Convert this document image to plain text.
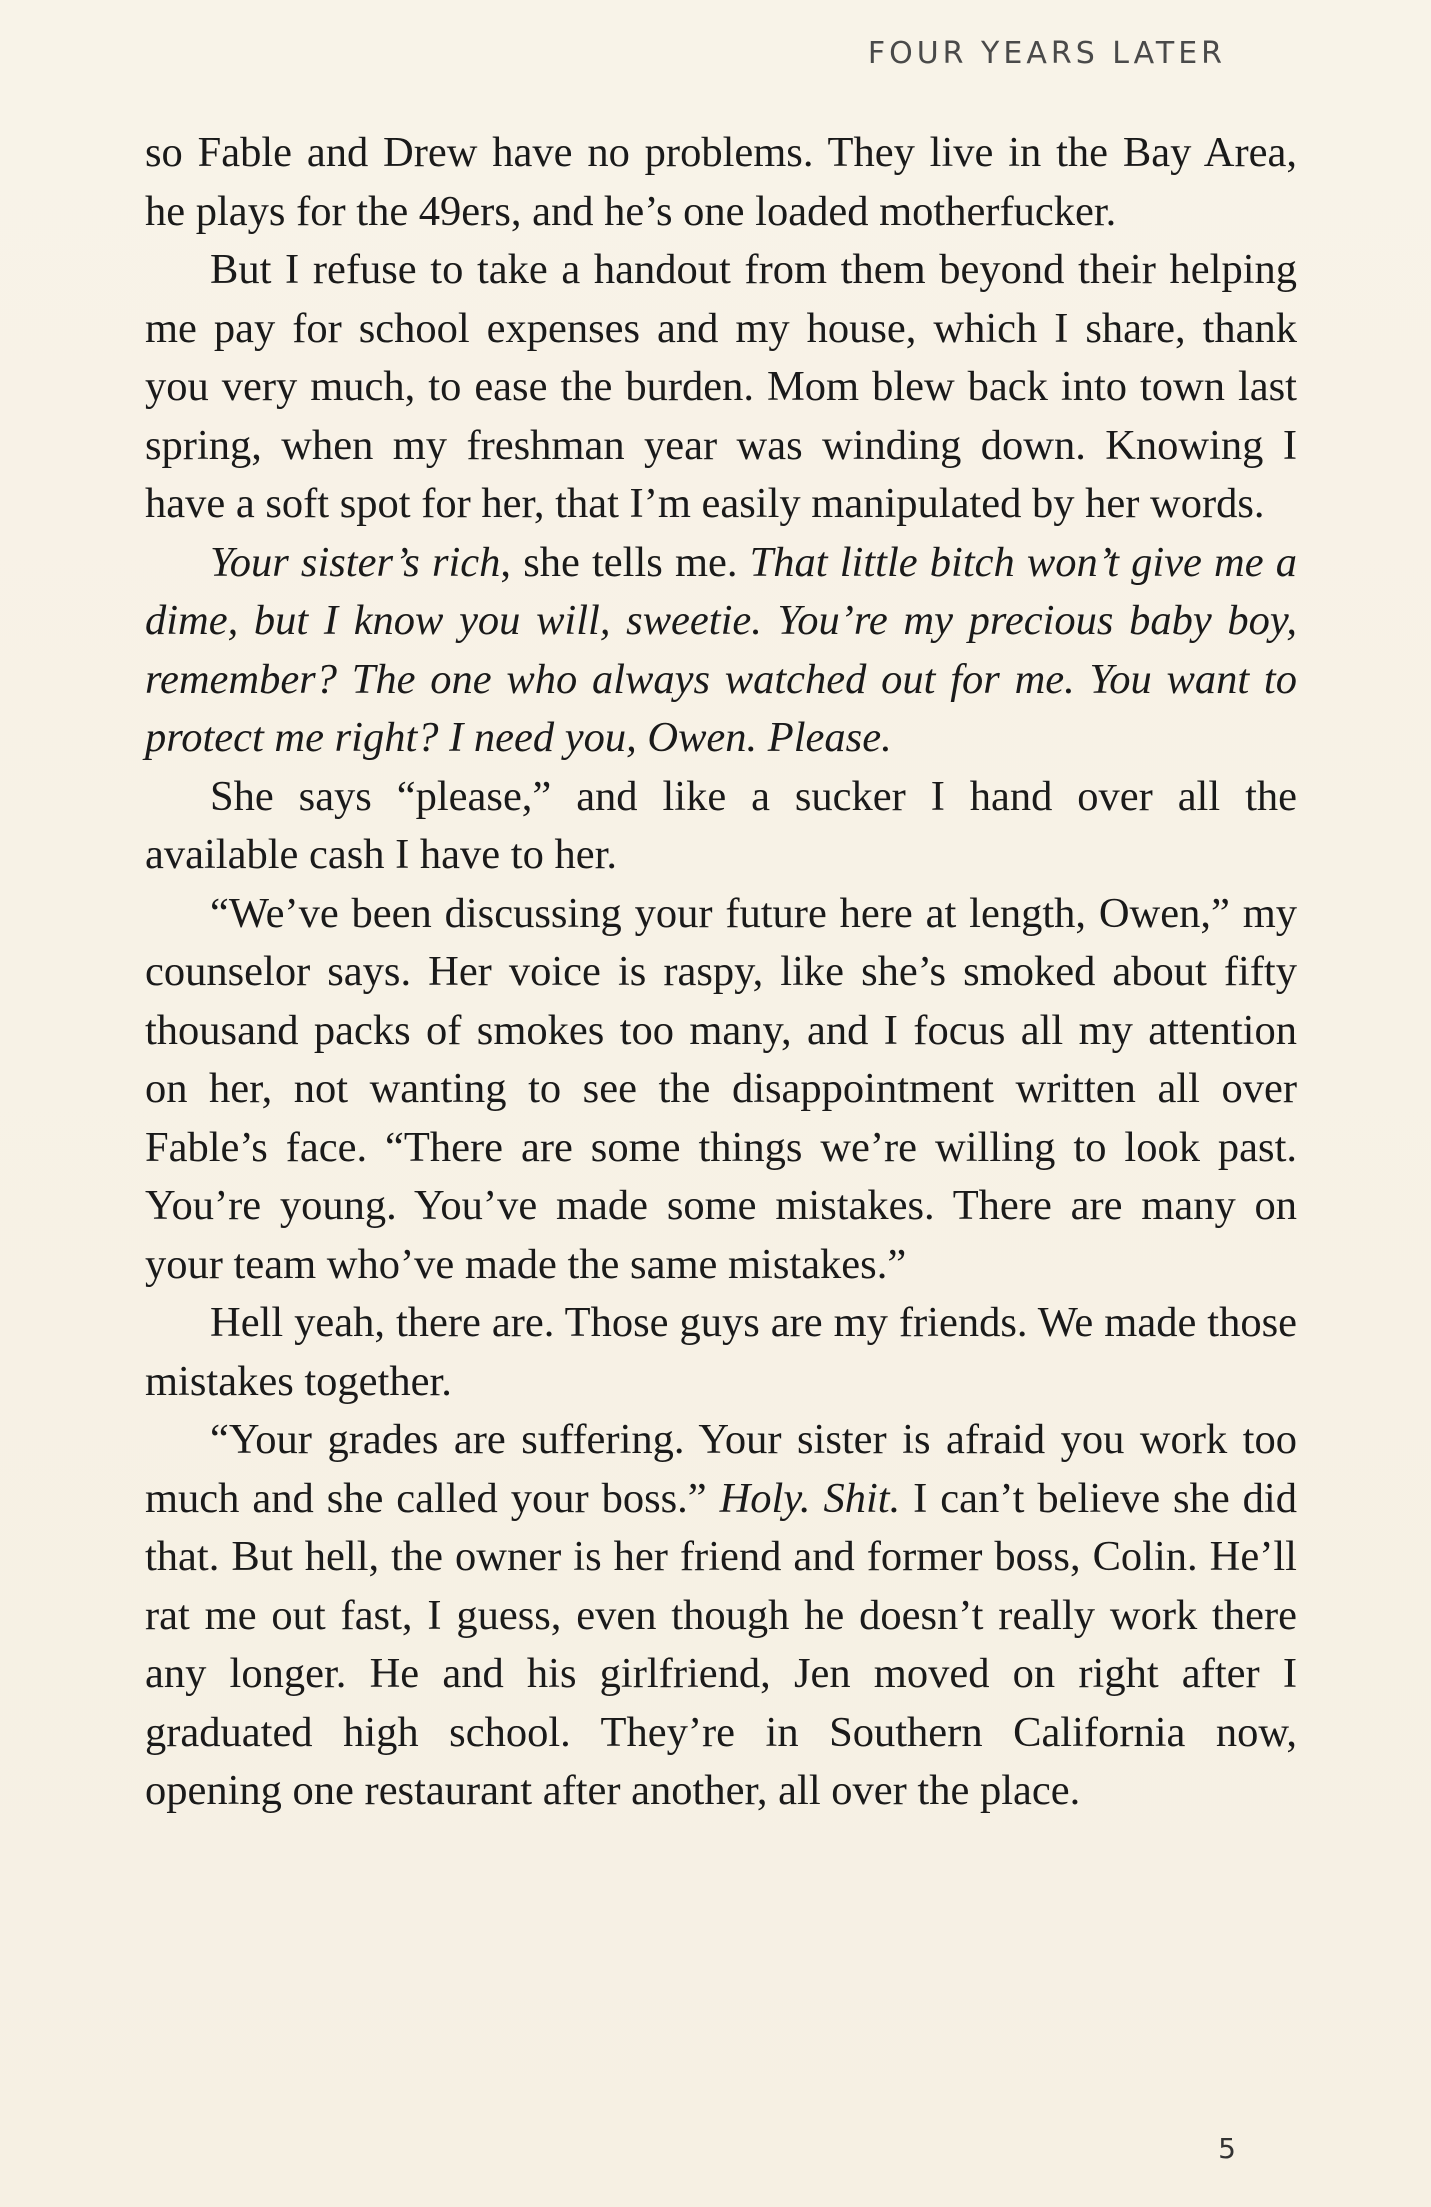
FOUR YEARS LATER

so Fable and Drew have no problems. They live in the Bay Area, he plays for the 49ers, and he’s one loaded motherfucker.

But I refuse to take a handout from them beyond their helping me pay for school expenses and my house, which I share, thank you very much, to ease the burden. Mom blew back into town last spring, when my freshman year was winding down. Knowing I have a soft spot for her, that I’m easily manipulated by her words.

Your sister’s rich, she tells me. That little bitch won’t give me a dime, but I know you will, sweetie. You’re my precious baby boy, remember? The one who always watched out for me. You want to protect me right? I need you, Owen. Please.

She says “please,” and like a sucker I hand over all the available cash I have to her.

“We’ve been discussing your future here at length, Owen,” my counselor says. Her voice is raspy, like she’s smoked about fifty thousand packs of smokes too many, and I focus all my attention on her, not wanting to see the disappointment written all over Fable’s face. “There are some things we’re willing to look past. You’re young. You’ve made some mistakes. There are many on your team who’ve made the same mistakes.”

Hell yeah, there are. Those guys are my friends. We made those mistakes together.

“Your grades are suffering. Your sister is afraid you work too much and she called your boss.” Holy. Shit. I can’t believe she did that. But hell, the owner is her friend and former boss, Colin. He’ll rat me out fast, I guess, even though he doesn’t really work there any longer. He and his girlfriend, Jen moved on right after I graduated high school. They’re in Southern California now, opening one restaurant after another, all over the place.

5
